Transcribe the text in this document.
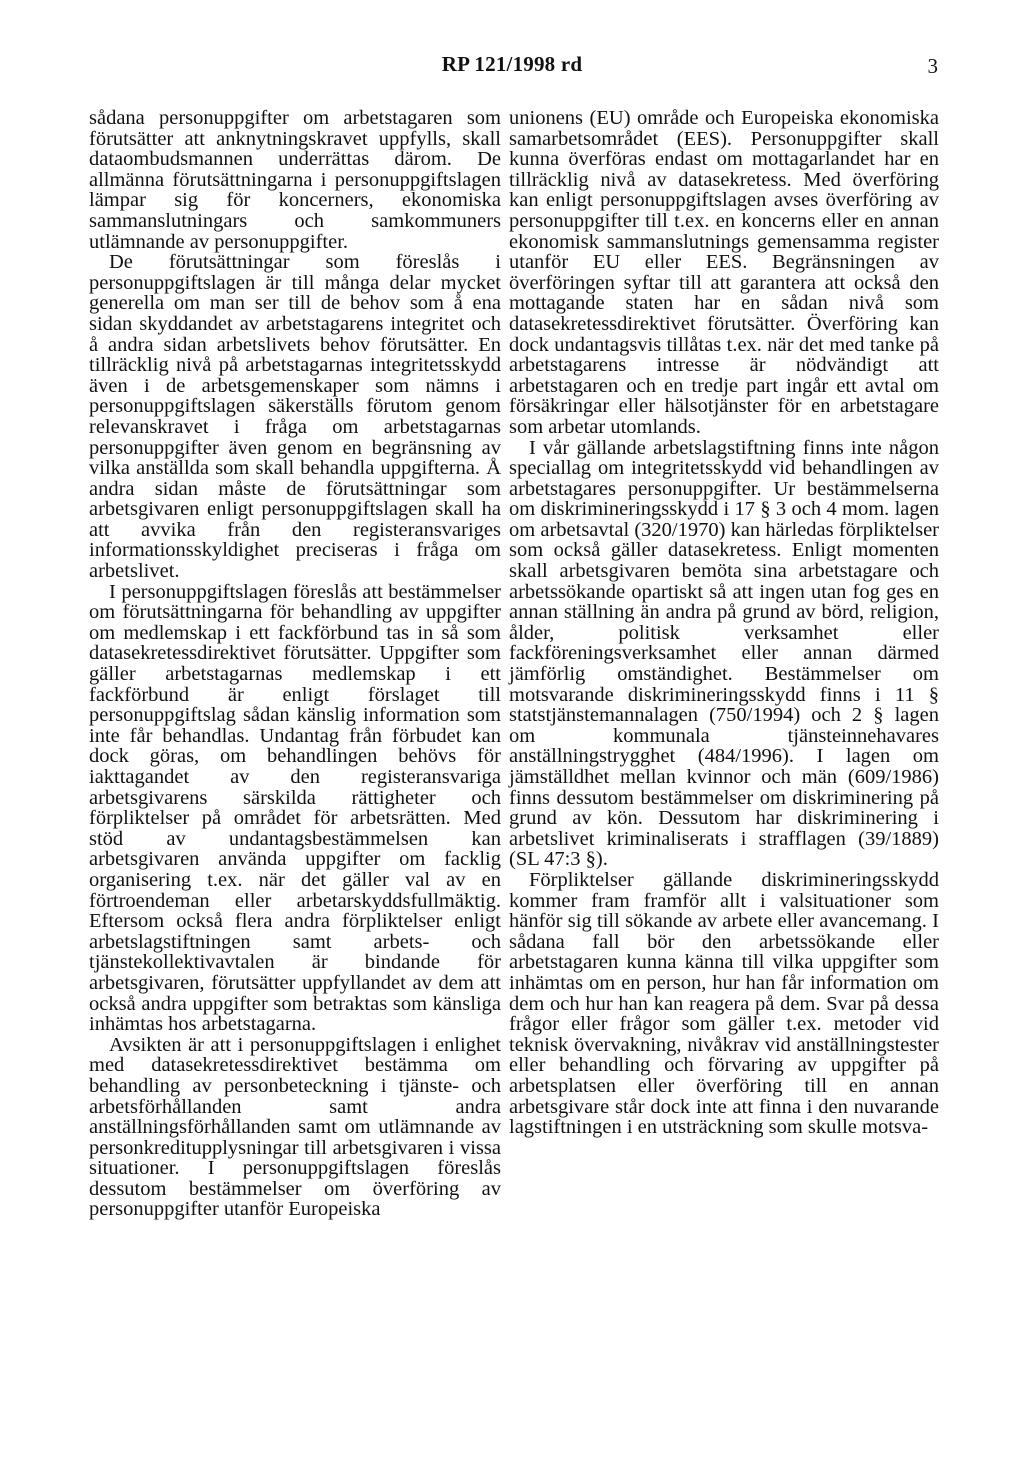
RP 121/1998 rd	3

sådana personuppgifter om arbetstagaren som förutsätter att anknytningskravet uppfylls, skall dataombudsmannen underrättas därom. De allmänna förutsättningarna i personuppgiftslagen lämpar sig för koncerners, ekonomiska sammanslutningars och samkommuners utlämnande av personuppgifter.

De förutsättningar som föreslås i personuppgiftslagen är till många delar mycket generella om man ser till de behov som å ena sidan skyddandet av arbetstagarens integritet och å andra sidan arbetslivets behov förutsätter. En tillräcklig nivå på arbetstagarnas integritetsskydd även i de arbetsgemenskaper som nämns i personuppgiftslagen säkerställs förutom genom relevanskravet i fråga om arbetstagarnas personuppgifter även genom en begränsning av vilka anställda som skall behandla uppgifterna. Å andra sidan måste de förutsättningar som arbetsgivaren enligt personuppgiftslagen skall ha att avvika från den registeransvariges informationsskyldighet preciseras i fråga om arbetslivet.

I personuppgiftslagen föreslås att bestämmelser om förutsättningarna för behandling av uppgifter om medlemskap i ett fackförbund tas in så som datasekretessdirektivet förutsätter. Uppgifter som gäller arbetstagarnas medlemskap i ett fackförbund är enligt förslaget till personuppgiftslag sådan känslig information som inte får behandlas. Undantag från förbudet kan dock göras, om behandlingen behövs för iakttagandet av den registeransvariga arbetsgivarens särskilda rättigheter och förpliktelser på området för arbetsrätten. Med stöd av undantagsbestämmelsen kan arbetsgivaren använda uppgifter om facklig organisering t.ex. när det gäller val av en förtroendeman eller arbetarskyddsfullmäktig. Eftersom också flera andra förpliktelser enligt arbetslagstiftningen samt arbets- och tjänstekollektivavtalen är bindande för arbetsgivaren, förutsätter uppfyllandet av dem att också andra uppgifter som betraktas som känsliga inhämtas hos arbetstagarna.

Avsikten är att i personuppgiftslagen i enlighet med datasekretessdirektivet bestämma om behandling av personbeteckning i tjänste- och arbetsförhållanden samt andra anställningsförhållanden samt om utlämnande av personkreditupplysningar till arbetsgivaren i vissa situationer. I personuppgiftslagen föreslås dessutom bestämmelser om överföring av personuppgifter utanför Europeiska

unionens (EU) område och Europeiska ekonomiska samarbetsområdet (EES). Personuppgifter skall kunna överföras endast om mottagarlandet har en tillräcklig nivå av datasekretess. Med överföring kan enligt personuppgiftslagen avses överföring av personuppgifter till t.ex. en koncerns eller en annan ekonomisk sammanslutnings gemensamma register utanför EU eller EES. Begränsningen av överföringen syftar till att garantera att också den mottagande staten har en sådan nivå som datasekretessdirektivet förutsätter. Överföring kan dock undantagsvis tillåtas t.ex. när det med tanke på arbetstagarens intresse är nödvändigt att arbetstagaren och en tredje part ingår ett avtal om försäkringar eller hälsotjänster för en arbetstagare som arbetar utomlands.

I vår gällande arbetslagstiftning finns inte någon speciallag om integritetsskydd vid behandlingen av arbetstagares personuppgifter. Ur bestämmelserna om diskrimineringsskydd i 17 § 3 och 4 mom. lagen om arbetsavtal (320/1970) kan härledas förpliktelser som också gäller datasekretess. Enligt momenten skall arbetsgivaren bemöta sina arbetstagare och arbetssökande opartiskt så att ingen utan fog ges en annan ställning än andra på grund av börd, religion, ålder, politisk verksamhet eller fackföreningsverksamhet eller annan därmed jämförlig omständighet. Bestämmelser om motsvarande diskrimineringsskydd finns i 11 § statstjänstemannalagen (750/1994) och 2 § lagen om kommunala tjänsteinnehavares anställningstrygghet (484/1996). I lagen om jämställdhet mellan kvinnor och män (609/1986) finns dessutom bestämmelser om diskriminering på grund av kön. Dessutom har diskriminering i arbetslivet kriminaliserats i strafflagen (39/1889) (SL 47:3 §).

Förpliktelser gällande diskrimineringsskydd kommer fram framför allt i valsituationer som hänför sig till sökande av arbete eller avancemang. I sådana fall bör den arbetssökande eller arbetstagaren kunna känna till vilka uppgifter som inhämtas om en person, hur han får information om dem och hur han kan reagera på dem. Svar på dessa frågor eller frågor som gäller t.ex. metoder vid teknisk övervakning, nivåkrav vid anställningstester eller behandling och förvaring av uppgifter på arbetsplatsen eller överföring till en annan arbetsgivare står dock inte att finna i den nuvarande lagstiftningen i en utsträckning som skulle motsva-
